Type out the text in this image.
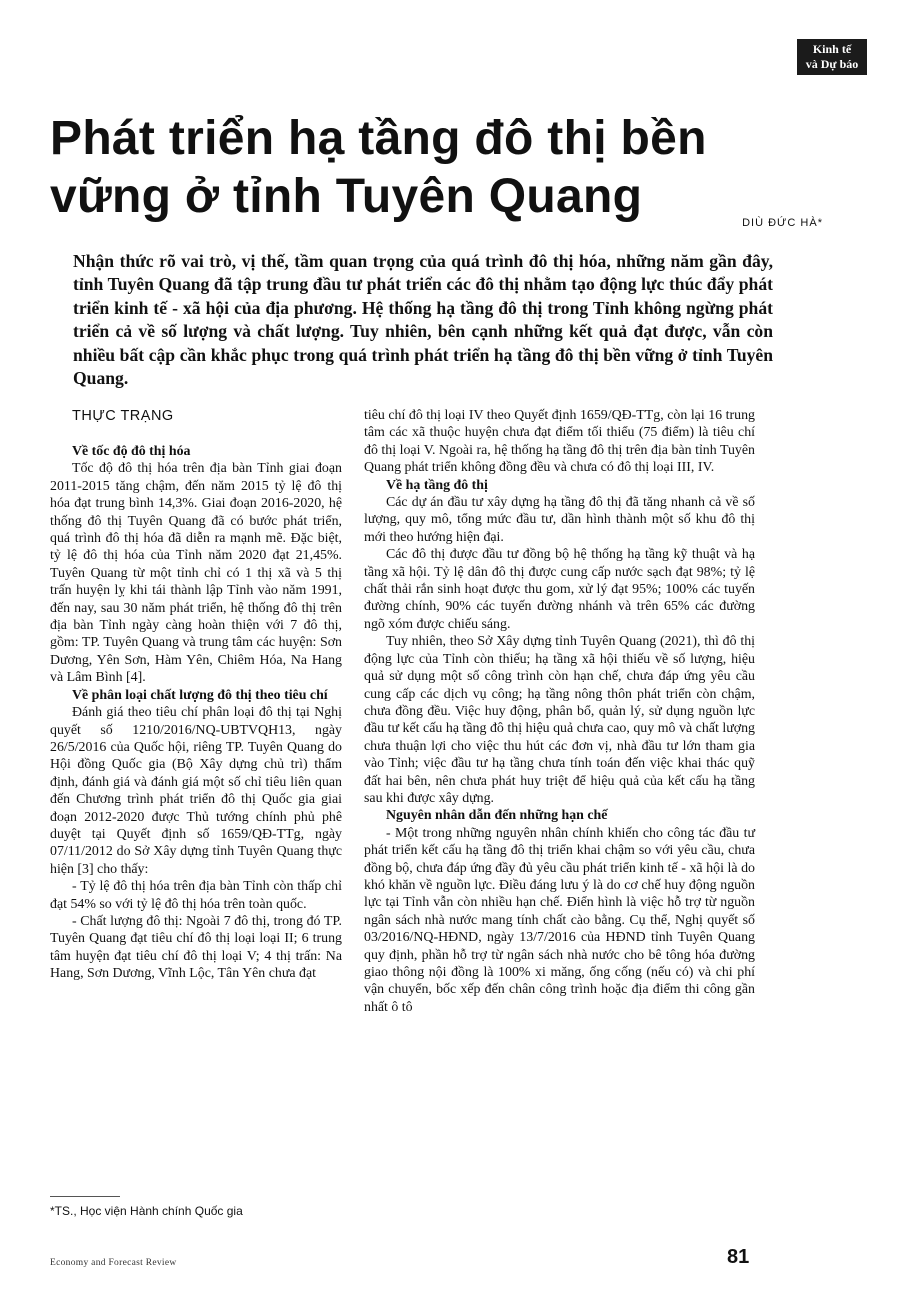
Kinh tế
và Dự báo
Phát triển hạ tầng đô thị bền vững ở tỉnh Tuyên Quang	DIÙ ĐỨC HÀ*
Nhận thức rõ vai trò, vị thế, tầm quan trọng của quá trình đô thị hóa, những năm gần đây, tỉnh Tuyên Quang đã tập trung đầu tư phát triển các đô thị nhằm tạo động lực thúc đẩy phát triển kinh tế - xã hội của địa phương. Hệ thống hạ tầng đô thị trong Tỉnh không ngừng phát triển cả về số lượng và chất lượng. Tuy nhiên, bên cạnh những kết quả đạt được, vẫn còn nhiều bất cập cần khắc phục trong quá trình phát triển hạ tầng đô thị bền vững ở tỉnh Tuyên Quang.
THỰC TRẠNG
Về tốc độ đô thị hóa

Tốc độ đô thị hóa trên địa bàn Tỉnh giai đoạn 2011-2015 tăng chậm, đến năm 2015 tỷ lệ đô thị hóa đạt trung bình 14,3%. Giai đoạn 2016-2020, hệ thống đô thị Tuyên Quang đã có bước phát triển, quá trình đô thị hóa đã diễn ra mạnh mẽ. Đặc biệt, tỷ lệ đô thị hóa của Tỉnh năm 2020 đạt 21,45%. Tuyên Quang từ một tỉnh chỉ có 1 thị xã và 5 thị trấn huyện lỵ khi tái thành lập Tỉnh vào năm 1991, đến nay, sau 30 năm phát triển, hệ thống đô thị trên địa bàn Tỉnh ngày càng hoàn thiện với 7 đô thị, gồm: TP. Tuyên Quang và trung tâm các huyện: Sơn Dương, Yên Sơn, Hàm Yên, Chiêm Hóa, Na Hang và Lâm Bình [4].

Về phân loại chất lượng đô thị theo tiêu chí

Đánh giá theo tiêu chí phân loại đô thị tại Nghị quyết số 1210/2016/NQ-UBTVQH13, ngày 26/5/2016 của Quốc hội, riêng TP. Tuyên Quang do Hội đồng Quốc gia (Bộ Xây dựng chủ trì) thẩm định, đánh giá và đánh giá một số chỉ tiêu liên quan đến Chương trình phát triển đô thị Quốc gia giai đoạn 2012-2020 được Thủ tướng chính phủ phê duyệt tại Quyết định số 1659/QĐ-TTg, ngày 07/11/2012 do Sở Xây dựng tỉnh Tuyên Quang thực hiện [3] cho thấy:

- Tỷ lệ đô thị hóa trên địa bàn Tỉnh còn thấp chỉ đạt 54% so với tỷ lệ đô thị hóa trên toàn quốc.

- Chất lượng đô thị: Ngoài 7 đô thị, trong đó TP. Tuyên Quang đạt tiêu chí đô thị loại loại II; 6 trung tâm huyện đạt tiêu chí đô thị loại V; 4 thị trấn: Na Hang, Sơn Dương, Vĩnh Lộc, Tân Yên chưa đạt

tiêu chí đô thị loại IV theo Quyết định 1659/QĐ-TTg, còn lại 16 trung tâm các xã thuộc huyện chưa đạt điểm tối thiểu (75 điểm) là tiêu chí đô thị loại V. Ngoài ra, hệ thống hạ tầng đô thị trên địa bàn tỉnh Tuyên Quang phát triển không đồng đều và chưa có đô thị loại III, IV.

Về hạ tầng đô thị

Các dự án đầu tư xây dựng hạ tầng đô thị đã tăng nhanh cả về số lượng, quy mô, tổng mức đầu tư, dần hình thành một số khu đô thị mới theo hướng hiện đại.

Các đô thị được đầu tư đồng bộ hệ thống hạ tầng kỹ thuật và hạ tầng xã hội. Tỷ lệ dân đô thị được cung cấp nước sạch đạt 98%; tỷ lệ chất thải rắn sinh hoạt được thu gom, xử lý đạt 95%; 100% các tuyến đường chính, 90% các tuyến đường nhánh và trên 65% các đường ngõ xóm được chiếu sáng.

Tuy nhiên, theo Sở Xây dựng tỉnh Tuyên Quang (2021), thì đô thị động lực của Tỉnh còn thiếu; hạ tầng xã hội thiếu về số lượng, hiệu quả sử dụng một số công trình còn hạn chế, chưa đáp ứng yêu cầu cung cấp các dịch vụ công; hạ tầng nông thôn phát triển còn chậm, chưa đồng đều. Việc huy động, phân bổ, quản lý, sử dụng nguồn lực đầu tư kết cấu hạ tầng đô thị hiệu quả chưa cao, quy mô và chất lượng chưa thuận lợi cho việc thu hút các đơn vị, nhà đầu tư lớn tham gia vào Tỉnh; việc đầu tư hạ tầng chưa tính toán đến việc khai thác quỹ đất hai bên, nên chưa phát huy triệt để hiệu quả của kết cấu hạ tầng sau khi được xây dựng.

Nguyên nhân dẫn đến những hạn chế

- Một trong những nguyên nhân chính khiến cho công tác đầu tư phát triển kết cấu hạ tầng đô thị triển khai chậm so với yêu cầu, chưa đồng bộ, chưa đáp ứng đầy đủ yêu cầu phát triển kinh tế - xã hội là do khó khăn về nguồn lực. Điều đáng lưu ý là do cơ chế huy động nguồn lực tại Tỉnh vẫn còn nhiều hạn chế. Điển hình là việc hỗ trợ từ nguồn ngân sách nhà nước mang tính chất cào bằng. Cụ thể, Nghị quyết số 03/2016/NQ-HĐND, ngày 13/7/2016 của HĐND tỉnh Tuyên Quang quy định, phần hỗ trợ từ ngân sách nhà nước cho bê tông hóa đường giao thông nội đồng là 100% xi măng, ống cống (nếu có) và chi phí vận chuyển, bốc xếp đến chân công trình hoặc địa điểm thi công gần nhất ô tô

*TS., Học viện Hành chính Quốc gia
Economy and Forecast Review	81
